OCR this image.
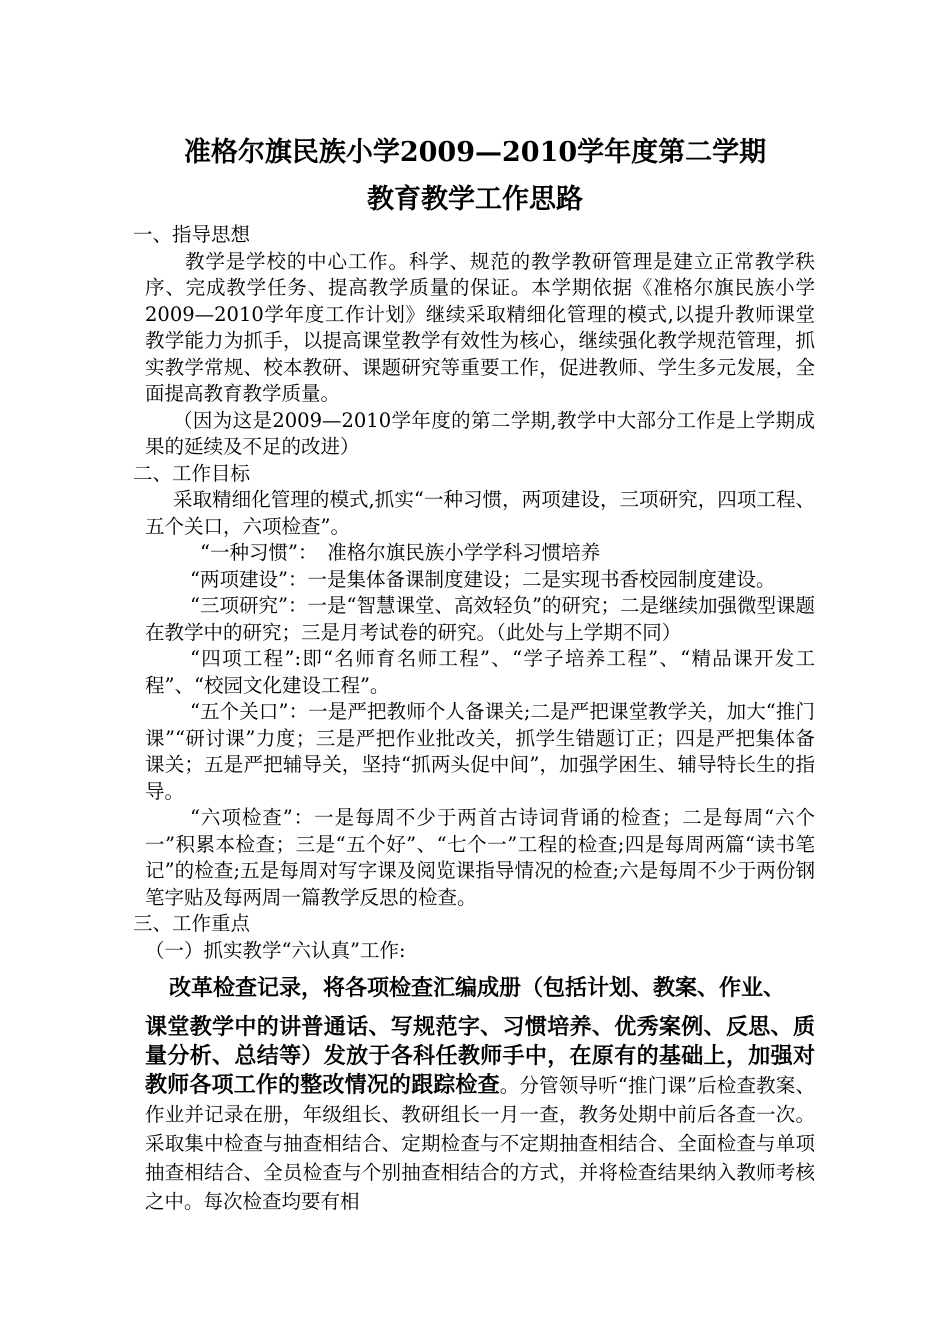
准格尔旗民族小学2009—2010学年度第二学期
教育教学工作思路

一、指导思想

教学是学校的中心工作。科学、规范的教学教研管理是建立正常教学秩序、完成教学任务、提高教学质量的保证。本学期依据《准格尔旗民族小学2009—2010学年度工作计划》继续采取精细化管理的模式,以提升教师课堂教学能力为抓手，以提高课堂教学有效性为核心，继续强化教学规范管理，抓实教学常规、校本教研、课题研究等重要工作，促进教师、学生多元发展，全面提高教育教学质量。

（因为这是2009—2010学年度的第二学期,教学中大部分工作是上学期成果的延续及不足的改进）

二、工作目标

采取精细化管理的模式,抓实“一种习惯，两项建设，三项研究，四项工程、五个关口，六项检查”。

“一种习惯”：　准格尔旗民族小学学科习惯培养

“两项建设”：一是集体备课制度建设；二是实现书香校园制度建设。

“三项研究”：一是“智慧课堂、高效轻负”的研究；二是继续加强微型课题在教学中的研究；三是月考试卷的研究。（此处与上学期不同）

“四项工程”:即“名师育名师工程”、“学子培养工程”、“精品课开发工程”、“校园文化建设工程”。

“五个关口”：一是严把教师个人备课关;二是严把课堂教学关，加大“推门课”“研讨课”力度；三是严把作业批改关，抓学生错题订正；四是严把集体备课关；五是严把辅导关，坚持“抓两头促中间”，加强学困生、辅导特长生的指导。

“六项检查”：一是每周不少于两首古诗词背诵的检查；二是每周“六个一”积累本检查；三是“五个好”、“七个一”工程的检查;四是每周两篇“读书笔记”的检查;五是每周对写字课及阅览课指导情况的检查;六是每周不少于两份钢笔字贴及每两周一篇教学反思的检查。

三、工作重点

（一）抓实教学“六认真”工作:

改革检查记录，将各项检查汇编成册（包括计划、教案、作业、

课堂教学中的讲普通话、写规范字、习惯培养、优秀案例、反思、质量分析、总结等）发放于各科任教师手中，在原有的基础上，加强对教师各项工作的整改情况的跟踪检查。分管领导听“推门课”后检查教案、作业并记录在册，年级组长、教研组长一月一查，教务处期中前后各查一次。采取集中检查与抽查相结合、定期检查与不定期抽查相结合、全面检查与单项抽查相结合、全员检查与个别抽查相结合的方式，并将检查结果纳入教师考核之中。每次检查均要有相
